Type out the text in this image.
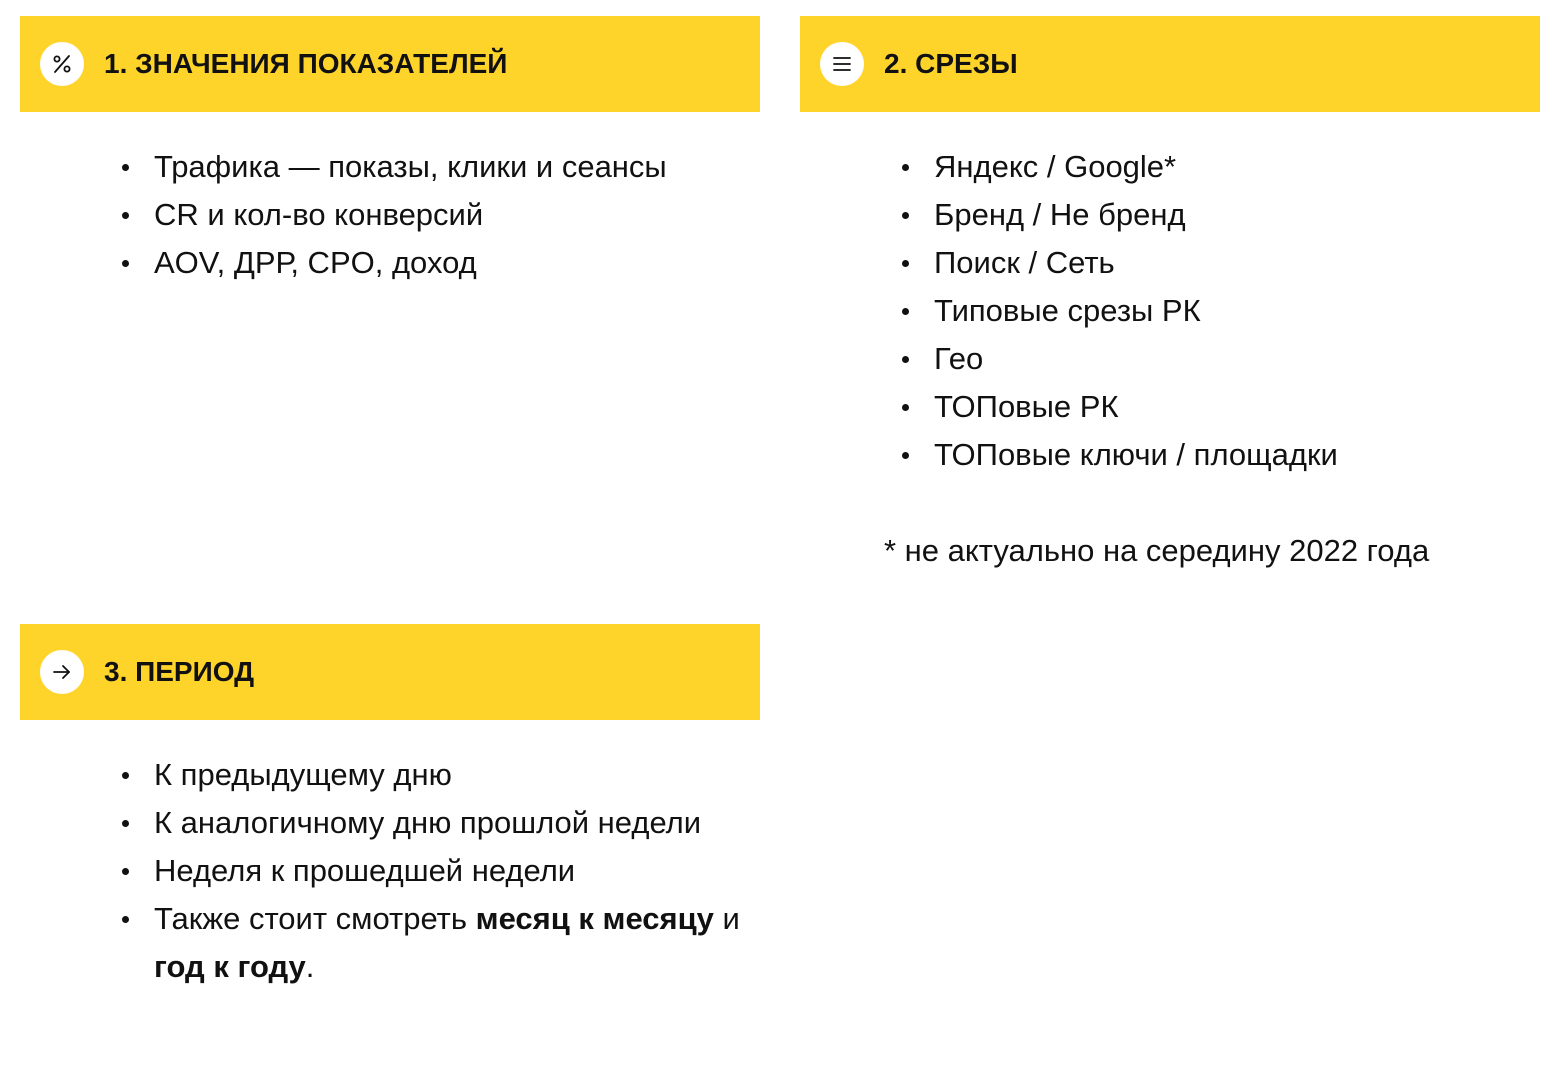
1. ЗНАЧЕНИЯ ПОКАЗАТЕЛЕЙ
Трафика — показы, клики и сеансы
CR и кол-во конверсий
AOV, ДРР, CPO, доход
2. СРЕЗЫ
Яндекс / Google*
Бренд / Не бренд
Поиск / Сеть
Типовые срезы РК
Гео
ТОПовые РК
ТОПовые ключи / площадки
* не актуально на середину 2022 года
3. ПЕРИОД
К предыдущему дню
К аналогичному дню прошлой недели
Неделя к прошедшей недели
Также стоит смотреть месяц к месяцу и год к году.
